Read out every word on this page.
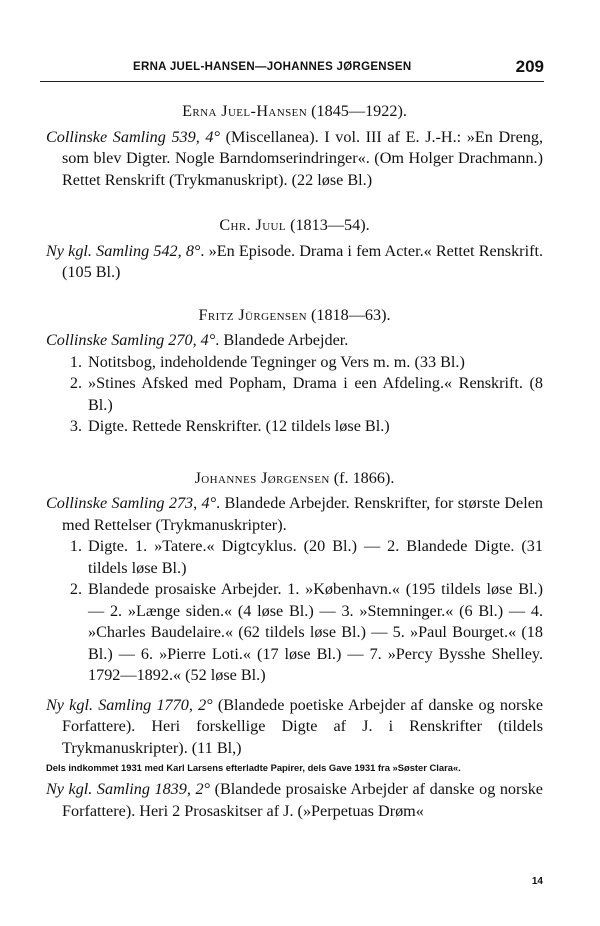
ERNA JUEL-HANSEN—JOHANNES JØRGENSEN	209

Erna Juel-Hansen (1845—1922).

Collinske Samling 539, 4° (Miscellanea). I vol. III af E. J.-H.: »En Dreng, som blev Digter. Nogle Barndomserindringer«. (Om Holger Drachmann.) Rettet Renskrift (Trykmanuskript). (22 løse Bl.)

Chr. Juul (1813—54).

Ny kgl. Samling 542, 8°. »En Episode. Drama i fem Acter.« Rettet Renskrift. (105 Bl.)

Fritz Jürgensen (1818—63).

Collinske Samling 270, 4°. Blandede Arbejder.

1. Notitsbog, indeholdende Tegninger og Vers m. m. (33 Bl.)
2. »Stines Afsked med Popham, Drama i een Afdeling.« Renskrift. (8 Bl.)
3. Digte. Rettede Renskrifter. (12 tildels løse Bl.)

Johannes Jørgensen (f. 1866).

Collinske Samling 273, 4°. Blandede Arbejder. Renskrifter, for største Delen med Rettelser (Trykmanuskripter).

1. Digte. 1. »Tatere.« Digtcyklus. (20 Bl.) — 2. Blandede Digte. (31 tildels løse Bl.)
2. Blandede prosaiske Arbejder. 1. »København.« (195 tildels løse Bl.) — 2. »Længe siden.« (4 løse Bl.) — 3. »Stemninger.« (6 Bl.) — 4. »Charles Baudelaire.« (62 tildels løse Bl.) — 5. »Paul Bourget.« (18 Bl.) — 6. »Pierre Loti.« (17 løse Bl.) — 7. »Percy Bysshe Shelley. 1792—1892.« (52 løse Bl.)

Ny kgl. Samling 1770, 2° (Blandede poetiske Arbejder af danske og norske Forfattere). Heri forskellige Digte af J. i Renskrifter (tildels Trykmanuskripter). (11 Bl,)

Dels indkommet 1931 med Karl Larsens efterladte Papirer, dels Gave 1931 fra »Søster Clara«.

Ny kgl. Samling 1839, 2° (Blandede prosaiske Arbejder af danske og norske Forfattere). Heri 2 Prosaskitser af J. (»Perpetuas Drøm«

14
